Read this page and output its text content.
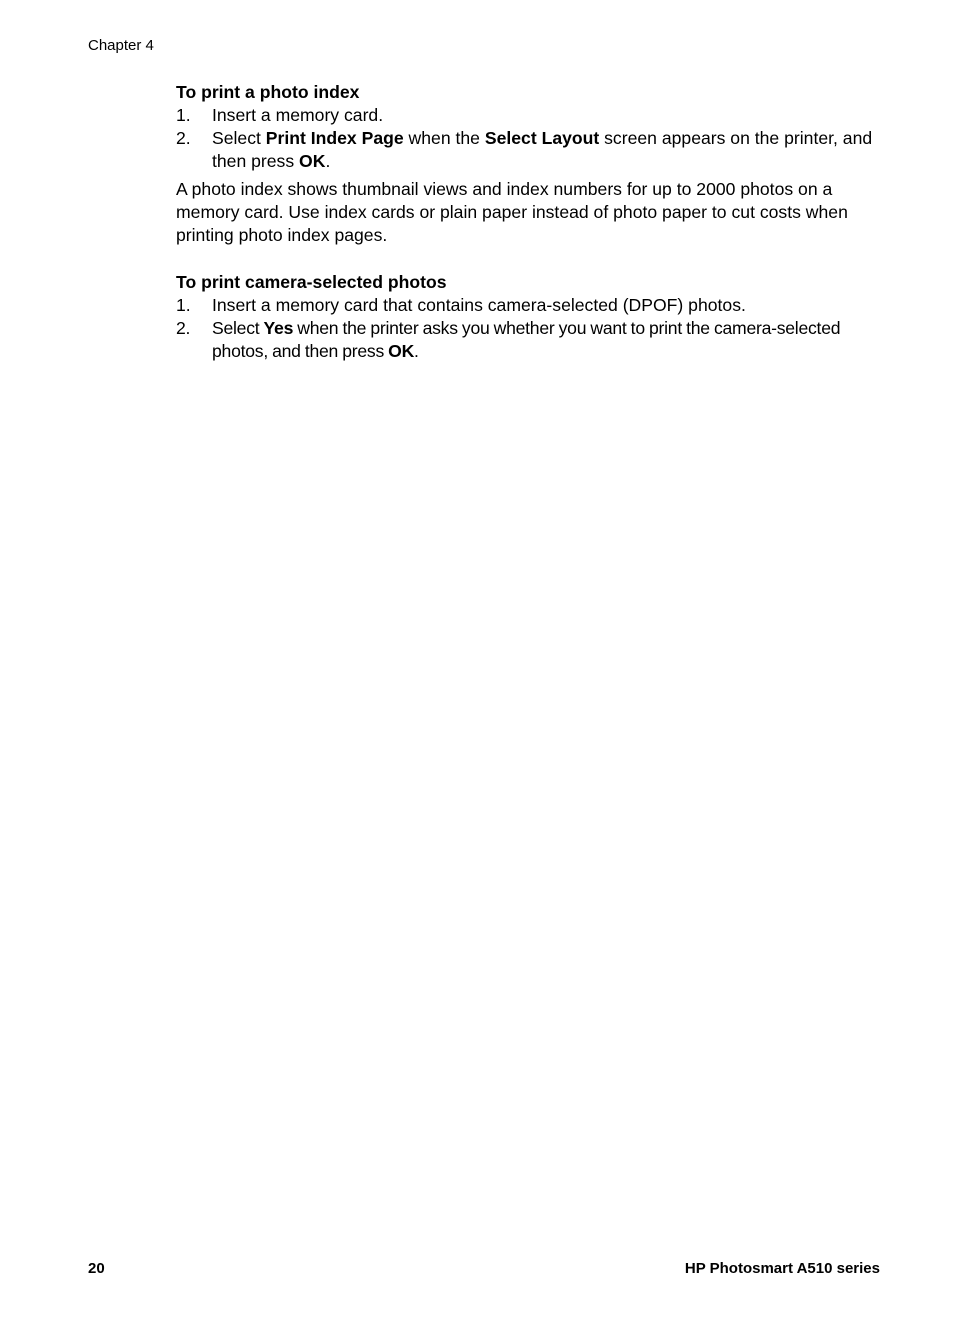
Chapter 4

To print a photo index

1. Insert a memory card.
2. Select Print Index Page when the Select Layout screen appears on the printer, and then press OK.

A photo index shows thumbnail views and index numbers for up to 2000 photos on a memory card. Use index cards or plain paper instead of photo paper to cut costs when printing photo index pages.

To print camera-selected photos

1. Insert a memory card that contains camera-selected (DPOF) photos.
2. Select Yes when the printer asks you whether you want to print the camera-selected photos, and then press OK.
20	HP Photosmart A510 series
